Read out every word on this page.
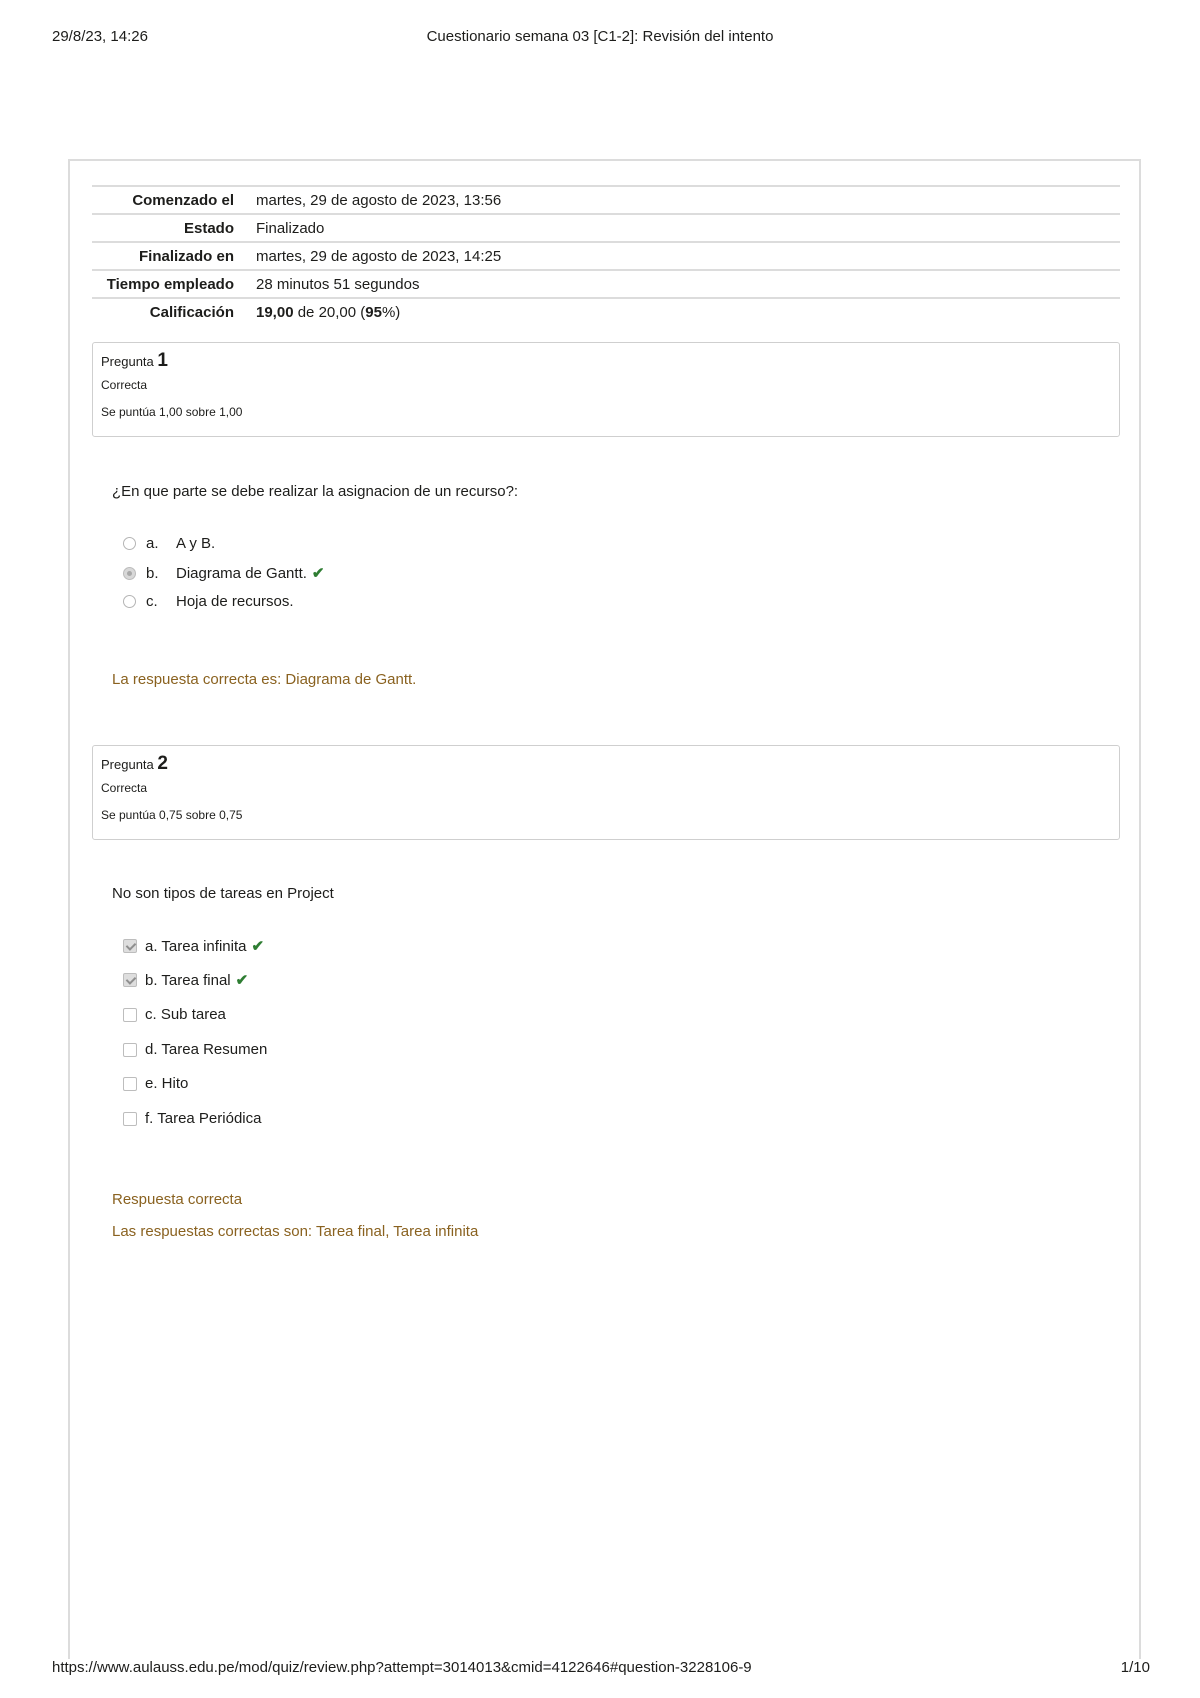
29/8/23, 14:26	Cuestionario semana 03 [C1-2]: Revisión del intento
Comenzado el	martes, 29 de agosto de 2023, 13:56
Estado	Finalizado
Finalizado en	martes, 29 de agosto de 2023, 14:25
Tiempo empleado	28 minutos 51 segundos
Calificación	19,00 de 20,00 (95%)
Pregunta 1
Correcta
Se puntúa 1,00 sobre 1,00
¿En que parte se debe realizar la asignacion de un recurso?:
a.	A y B.
b.	Diagrama de Gantt. ✔
c.	Hoja de recursos.
La respuesta correcta es: Diagrama de Gantt.
Pregunta 2
Correcta
Se puntúa 0,75 sobre 0,75
No son tipos de tareas en Project
a. Tarea infinita ✔
b. Tarea final ✔
c. Sub tarea
d. Tarea Resumen
e. Hito
f. Tarea Periódica
Respuesta correcta
Las respuestas correctas son: Tarea final, Tarea infinita
https://www.aulauss.edu.pe/mod/quiz/review.php?attempt=3014013&cmid=4122646#question-3228106-9	1/10
